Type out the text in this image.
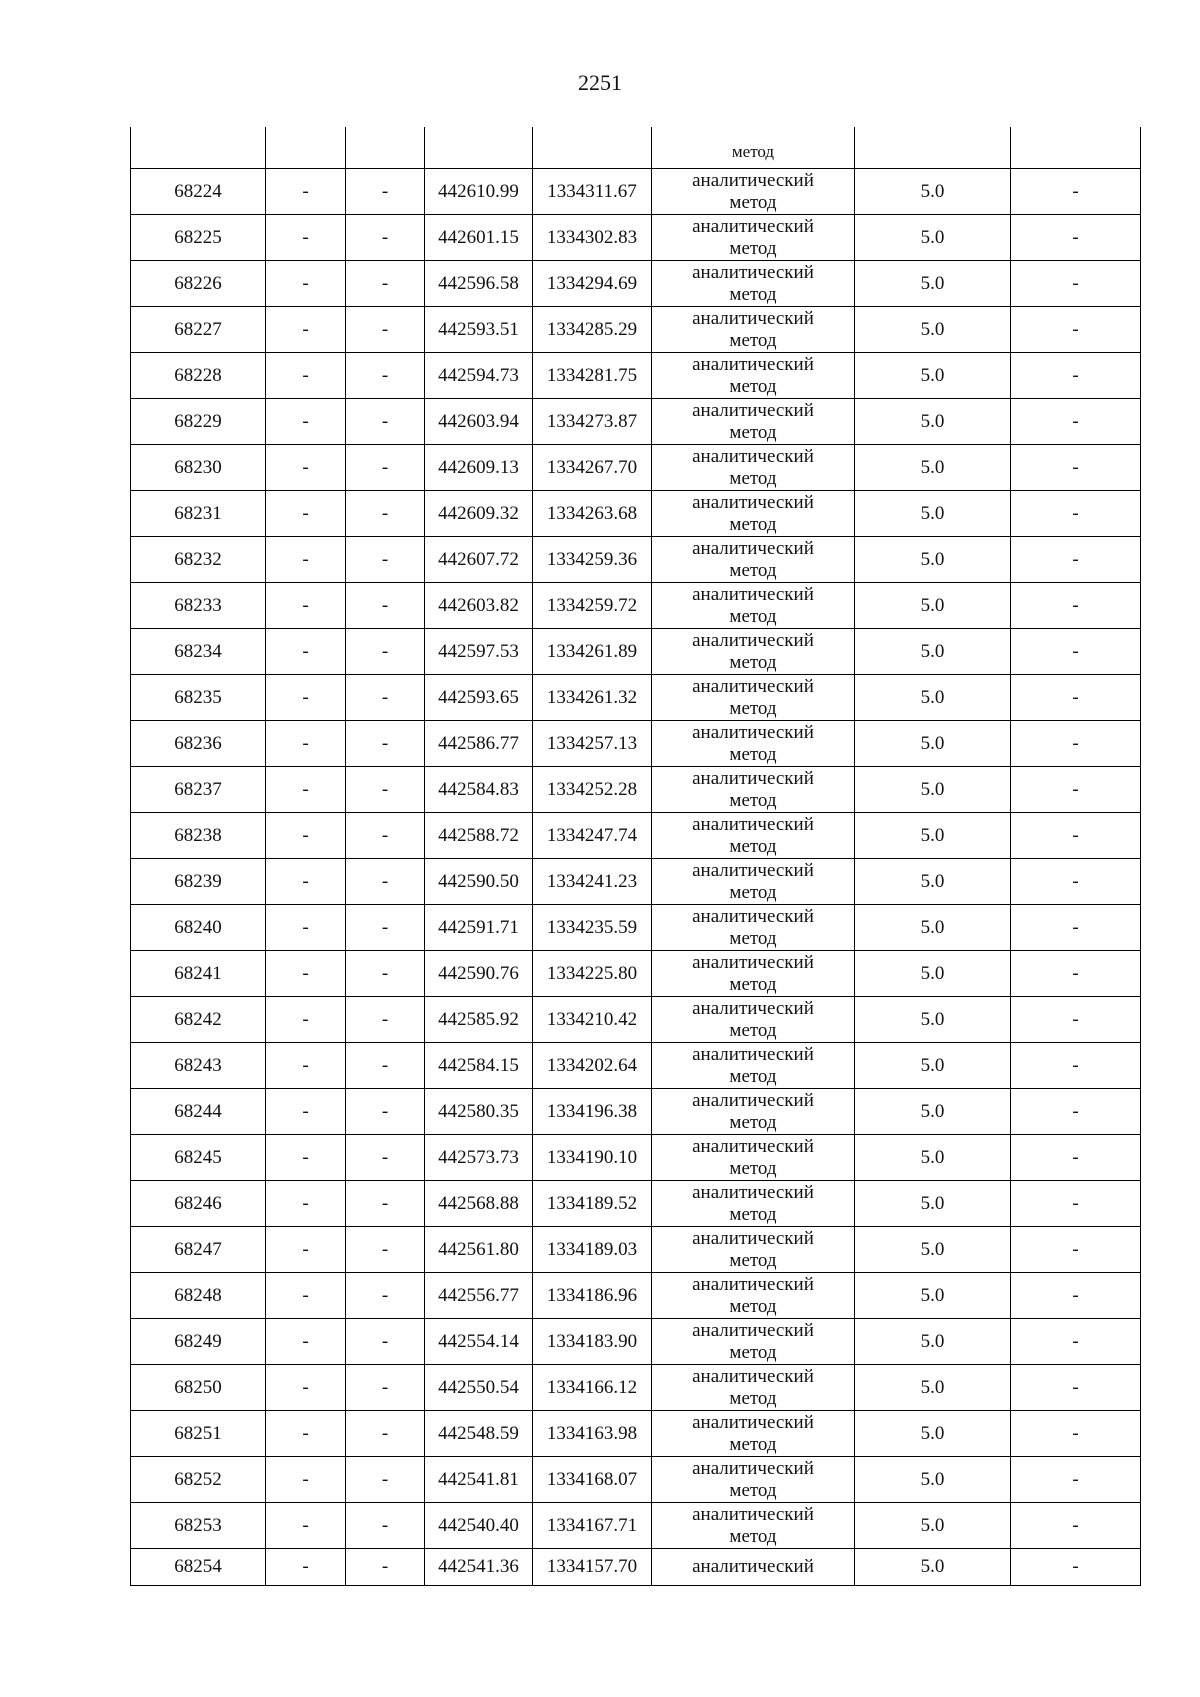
2251
					метод		
68224	-	-	442610.99	1334311.67	аналитический
метод	5.0	-
68225	-	-	442601.15	1334302.83	аналитический
метод	5.0	-
68226	-	-	442596.58	1334294.69	аналитический
метод	5.0	-
68227	-	-	442593.51	1334285.29	аналитический
метод	5.0	-
68228	-	-	442594.73	1334281.75	аналитический
метод	5.0	-
68229	-	-	442603.94	1334273.87	аналитический
метод	5.0	-
68230	-	-	442609.13	1334267.70	аналитический
метод	5.0	-
68231	-	-	442609.32	1334263.68	аналитический
метод	5.0	-
68232	-	-	442607.72	1334259.36	аналитический
метод	5.0	-
68233	-	-	442603.82	1334259.72	аналитический
метод	5.0	-
68234	-	-	442597.53	1334261.89	аналитический
метод	5.0	-
68235	-	-	442593.65	1334261.32	аналитический
метод	5.0	-
68236	-	-	442586.77	1334257.13	аналитический
метод	5.0	-
68237	-	-	442584.83	1334252.28	аналитический
метод	5.0	-
68238	-	-	442588.72	1334247.74	аналитический
метод	5.0	-
68239	-	-	442590.50	1334241.23	аналитический
метод	5.0	-
68240	-	-	442591.71	1334235.59	аналитический
метод	5.0	-
68241	-	-	442590.76	1334225.80	аналитический
метод	5.0	-
68242	-	-	442585.92	1334210.42	аналитический
метод	5.0	-
68243	-	-	442584.15	1334202.64	аналитический
метод	5.0	-
68244	-	-	442580.35	1334196.38	аналитический
метод	5.0	-
68245	-	-	442573.73	1334190.10	аналитический
метод	5.0	-
68246	-	-	442568.88	1334189.52	аналитический
метод	5.0	-
68247	-	-	442561.80	1334189.03	аналитический
метод	5.0	-
68248	-	-	442556.77	1334186.96	аналитический
метод	5.0	-
68249	-	-	442554.14	1334183.90	аналитический
метод	5.0	-
68250	-	-	442550.54	1334166.12	аналитический
метод	5.0	-
68251	-	-	442548.59	1334163.98	аналитический
метод	5.0	-
68252	-	-	442541.81	1334168.07	аналитический
метод	5.0	-
68253	-	-	442540.40	1334167.71	аналитический
метод	5.0	-
68254	-	-	442541.36	1334157.70	аналитический	5.0	-
